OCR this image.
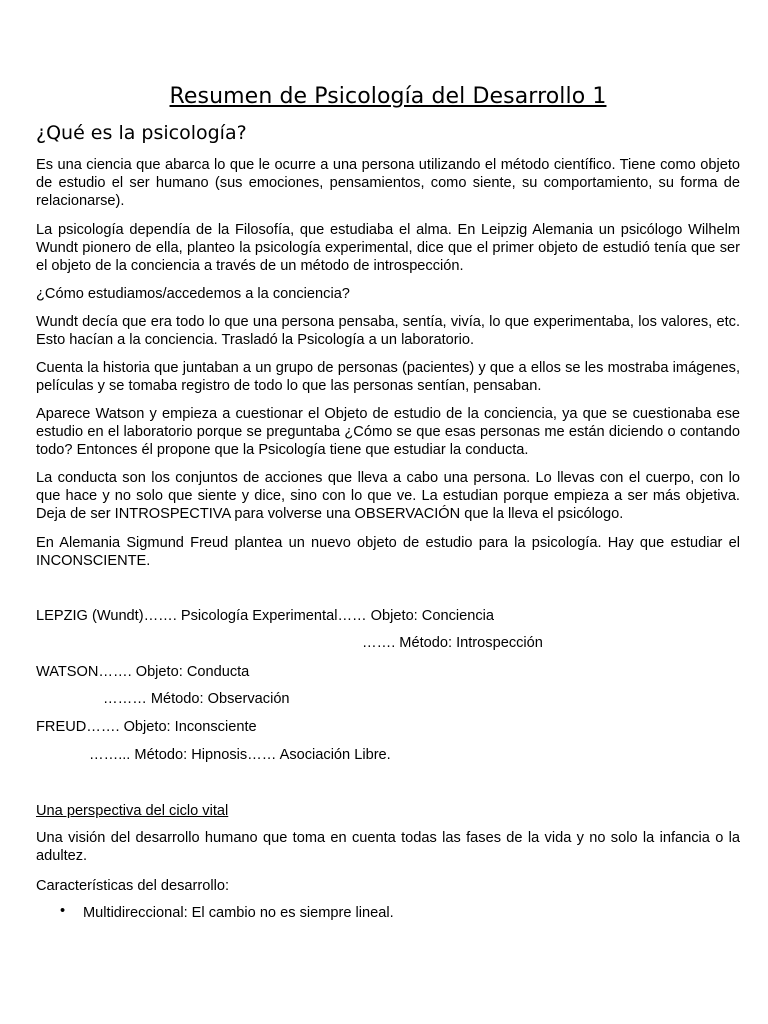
Resumen de Psicología del Desarrollo 1
¿Qué es la psicología?

Es una ciencia que abarca lo que le ocurre a una persona utilizando el método científico. Tiene como objeto de estudio el ser humano (sus emociones, pensamientos, como siente, su comportamiento, su forma de relacionarse).

La psicología dependía de la Filosofía, que estudiaba el alma. En Leipzig Alemania un psicólogo Wilhelm Wundt pionero de ella, planteo la psicología experimental, dice que el primer objeto de estudió tenía que ser el objeto de la conciencia a través de un método de introspección.

¿Cómo estudiamos/accedemos a la conciencia?

Wundt decía que era todo lo que una persona pensaba, sentía, vivía, lo que experimentaba, los valores, etc. Esto hacían a la conciencia. Trasladó la Psicología a un laboratorio.

Cuenta la historia que juntaban a un grupo de personas (pacientes) y que a ellos se les mostraba imágenes, películas y se tomaba registro de todo lo que las personas sentían, pensaban.

Aparece Watson y empieza a cuestionar el Objeto de estudio de la conciencia, ya que se cuestionaba ese estudio en el laboratorio porque se preguntaba ¿Cómo se que esas personas me están diciendo o contando todo? Entonces él propone que la Psicología tiene que estudiar la conducta.

La conducta son los conjuntos de acciones que lleva a cabo una persona. Lo llevas con el cuerpo, con lo que hace y no solo que siente y dice, sino con lo que ve. La estudian porque empieza a ser más objetiva. Deja de ser INTROSPECTIVA para volverse una OBSERVACIÓN que la lleva el psicólogo.

En Alemania Sigmund Freud plantea un nuevo objeto de estudio para la psicología. Hay que estudiar el INCONSCIENTE.

LEPZIG (Wundt)……. Psicología Experimental…… Objeto: Conciencia

……. Método: Introspección

WATSON……. Objeto: Conducta

……… Método: Observación

FREUD……. Objeto: Inconsciente

……... Método: Hipnosis…… Asociación Libre.

Una perspectiva del ciclo vital

Una visión del desarrollo humano que toma en cuenta todas las fases de la vida y no solo la infancia o la adultez.

Características del desarrollo:

• Multidireccional: El cambio no es siempre lineal.
